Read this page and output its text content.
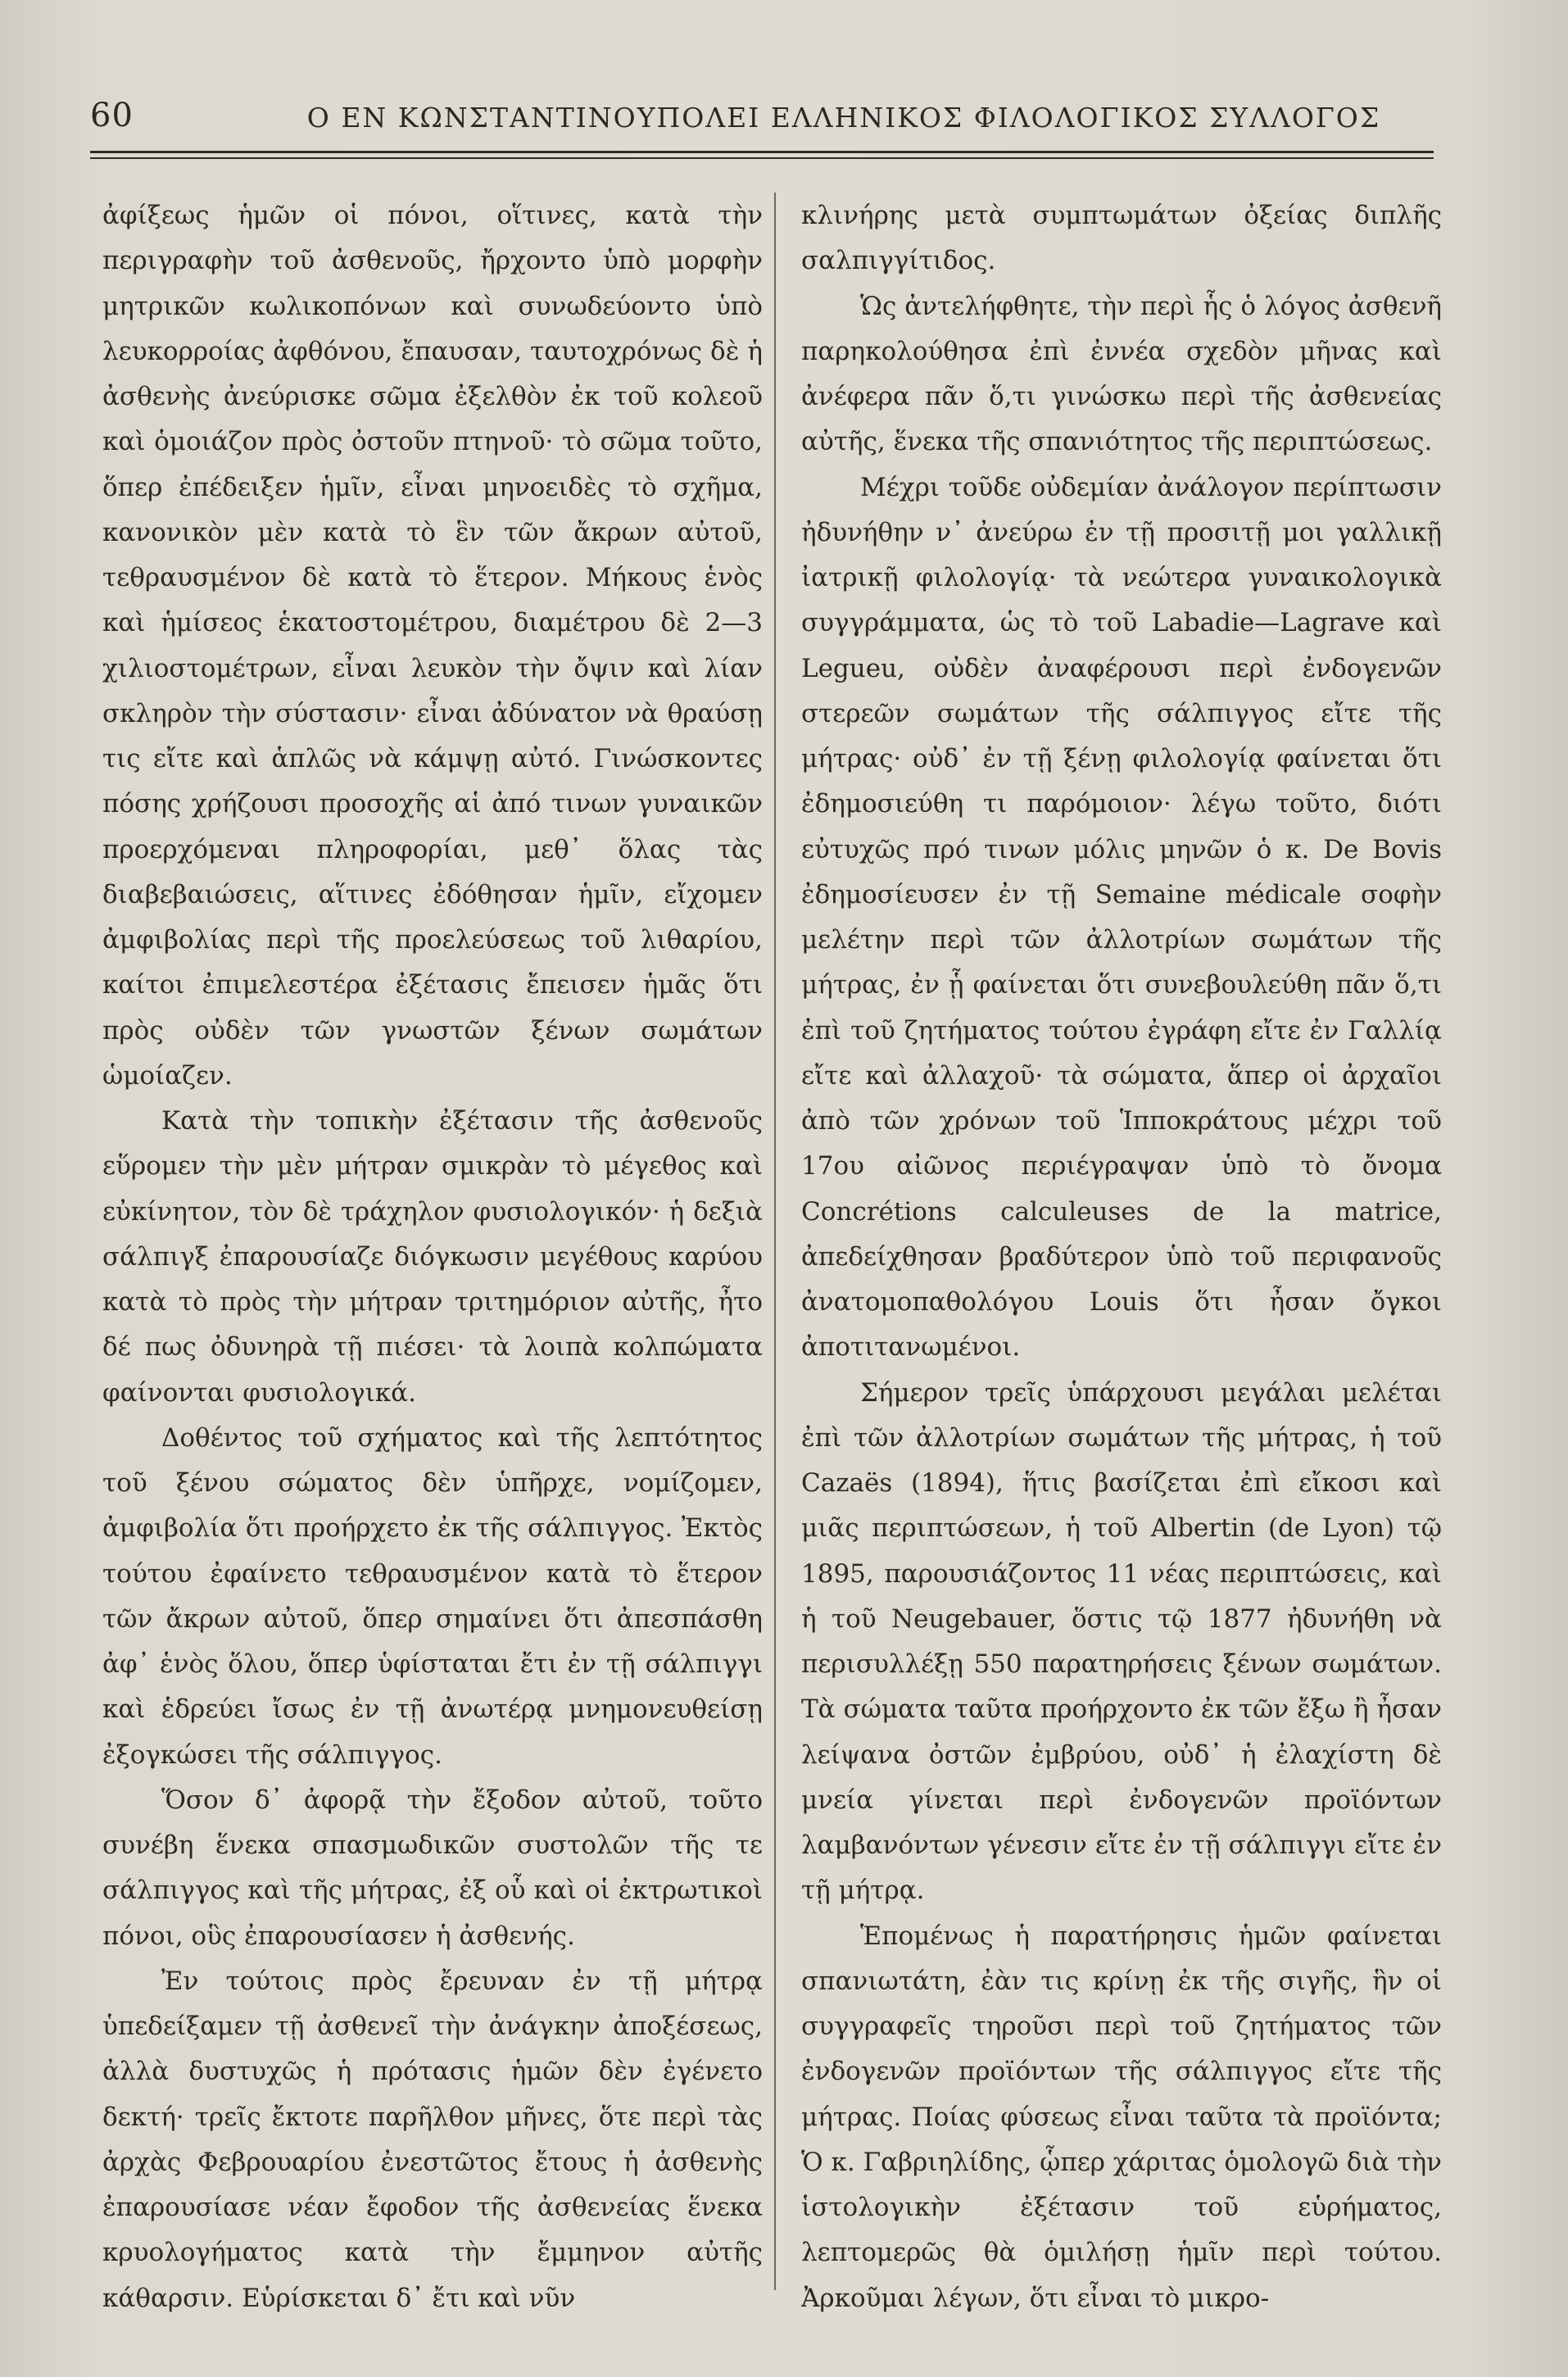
60	Ο ΕΝ ΚΩΝΣΤΑΝΤΙΝΟΥΠΟΛΕΙ ΕΛΛΗΝΙΚΟΣ ΦΙΛΟΛΟΓΙΚΟΣ ΣΥΛΛΟΓΟΣ

ἀφίξεως ἡμῶν οἱ πόνοι, οἵτινες, κατὰ τὴν περιγραφὴν τοῦ ἀσθενοῦς, ἤρχοντο ὑπὸ μορφὴν μητρικῶν κωλικοπόνων καὶ συνωδεύοντο ὑπὸ λευκορροίας ἀφθόνου, ἔπαυσαν, ταυτοχρόνως δὲ ἡ ἀσθενὴς ἀνεύρισκε σῶμα ἐξελθὸν ἐκ τοῦ κολεοῦ καὶ ὁμοιάζον πρὸς ὀστοῦν πτηνοῦ· τὸ σῶμα τοῦτο, ὅπερ ἐπέδειξεν ἡμῖν, εἶναι μηνοειδὲς τὸ σχῆμα, κανονικὸν μὲν κατὰ τὸ ἓν τῶν ἄκρων αὐτοῦ, τεθραυσμένον δὲ κατὰ τὸ ἕτερον. Μήκους ἑνὸς καὶ ἡμίσεος ἑκατοστομέτρου, διαμέτρου δὲ 2—3 χιλιοστομέτρων, εἶναι λευκὸν τὴν ὄψιν καὶ λίαν σκληρὸν τὴν σύστασιν· εἶναι ἀδύνατον νὰ θραύσῃ τις εἴτε καὶ ἁπλῶς νὰ κάμψῃ αὐτό. Γινώσκοντες πόσης χρήζουσι προσοχῆς αἱ ἀπό τινων γυναικῶν προερχόμεναι πληροφορίαι, μεθ᾽ ὅλας τὰς διαβεβαιώσεις, αἵτινες ἐδόθησαν ἡμῖν, εἴχομεν ἀμφιβολίας περὶ τῆς προελεύσεως τοῦ λιθαρίου, καίτοι ἐπιμελεστέρα ἐξέτασις ἔπεισεν ἡμᾶς ὅτι πρὸς οὐδὲν τῶν γνωστῶν ξένων σωμάτων ὡμοίαζεν.

Κατὰ τὴν τοπικὴν ἐξέτασιν τῆς ἀσθενοῦς εὕρομεν τὴν μὲν μήτραν σμικρὰν τὸ μέγεθος καὶ εὐκίνητον, τὸν δὲ τράχηλον φυσιολογικόν· ἡ δεξιὰ σάλπιγξ ἐπαρουσίαζε διόγκωσιν μεγέθους καρύου κατὰ τὸ πρὸς τὴν μήτραν τριτημόριον αὐτῆς, ἦτο δέ πως ὀδυνηρὰ τῇ πιέσει· τὰ λοιπὰ κολπώματα φαίνονται φυσιολογικά.

Δοθέντος τοῦ σχήματος καὶ τῆς λεπτότητος τοῦ ξένου σώματος δὲν ὑπῆρχε, νομίζομεν, ἀμφιβολία ὅτι προήρχετο ἐκ τῆς σάλπιγγος. Ἐκτὸς τούτου ἐφαίνετο τεθραυσμένον κατὰ τὸ ἕτερον τῶν ἄκρων αὐτοῦ, ὅπερ σημαίνει ὅτι ἀπεσπάσθη ἀφ᾽ ἑνὸς ὅλου, ὅπερ ὑφίσταται ἔτι ἐν τῇ σάλπιγγι καὶ ἑδρεύει ἴσως ἐν τῇ ἀνωτέρᾳ μνημονευθείσῃ ἐξογκώσει τῆς σάλπιγγος.

Ὅσον δ᾽ ἀφορᾷ τὴν ἔξοδον αὐτοῦ, τοῦτο συνέβη ἕνεκα σπασμωδικῶν συστολῶν τῆς τε σάλπιγγος καὶ τῆς μήτρας, ἐξ οὗ καὶ οἱ ἐκτρωτικοὶ πόνοι, οὓς ἐπαρουσίασεν ἡ ἀσθενής.

Ἐν τούτοις πρὸς ἔρευναν ἐν τῇ μήτρᾳ ὑπεδείξαμεν τῇ ἀσθενεῖ τὴν ἀνάγκην ἀποξέσεως, ἀλλὰ δυστυχῶς ἡ πρότασις ἡμῶν δὲν ἐγένετο δεκτή· τρεῖς ἔκτοτε παρῆλθον μῆνες, ὅτε περὶ τὰς ἀρχὰς Φεβρουαρίου ἐνεστῶτος ἔτους ἡ ἀσθενὴς ἐπαρουσίασε νέαν ἔφοδον τῆς ἀσθενείας ἕνεκα κρυολογήματος κατὰ τὴν ἔμμηνον αὐτῆς κάθαρσιν. Εὑρίσκεται δ᾽ ἔτι καὶ νῦν

κλινήρης μετὰ συμπτωμάτων ὀξείας διπλῆς σαλπιγγίτιδος.

Ὡς ἀντελήφθητε, τὴν περὶ ἧς ὁ λόγος ἀσθενῆ παρηκολούθησα ἐπὶ ἐννέα σχεδὸν μῆνας καὶ ἀνέφερα πᾶν ὅ,τι γινώσκω περὶ τῆς ἀσθενείας αὐτῆς, ἕνεκα τῆς σπανιότητος τῆς περιπτώσεως.

Μέχρι τοῦδε οὐδεμίαν ἀνάλογον περίπτωσιν ἠδυνήθην ν᾽ ἀνεύρω ἐν τῇ προσιτῇ μοι γαλλικῇ ἰατρικῇ φιλολογίᾳ· τὰ νεώτερα γυναικολογικὰ συγγράμματα, ὡς τὸ τοῦ Labadie—Lagrave καὶ Legueu, οὐδὲν ἀναφέρουσι περὶ ἐνδογενῶν στερεῶν σωμάτων τῆς σάλπιγγος εἴτε τῆς μήτρας· οὐδ᾽ ἐν τῇ ξένῃ φιλολογίᾳ φαίνεται ὅτι ἐδημοσιεύθη τι παρόμοιον· λέγω τοῦτο, διότι εὐτυχῶς πρό τινων μόλις μηνῶν ὁ κ. De Bovis ἐδημοσίευσεν ἐν τῇ Semaine médicale σοφὴν μελέτην περὶ τῶν ἀλλοτρίων σωμάτων τῆς μήτρας, ἐν ᾗ φαίνεται ὅτι συνεβουλεύθη πᾶν ὅ,τι ἐπὶ τοῦ ζητήματος τούτου ἐγράφη εἴτε ἐν Γαλλίᾳ εἴτε καὶ ἀλλαχοῦ· τὰ σώματα, ἅπερ οἱ ἀρχαῖοι ἀπὸ τῶν χρόνων τοῦ Ἱπποκράτους μέχρι τοῦ 17ου αἰῶνος περιέγραψαν ὑπὸ τὸ ὄνομα Concrétions calculeuses de la matrice, ἀπεδείχθησαν βραδύτερον ὑπὸ τοῦ περιφανοῦς ἀνατομοπαθολόγου Louis ὅτι ἦσαν ὄγκοι ἀποτιτανωμένοι.

Σήμερον τρεῖς ὑπάρχουσι μεγάλαι μελέται ἐπὶ τῶν ἀλλοτρίων σωμάτων τῆς μήτρας, ἡ τοῦ Cazaës (1894), ἥτις βασίζεται ἐπὶ εἴκοσι καὶ μιᾶς περιπτώσεων, ἡ τοῦ Albertin (de Lyon) τῷ 1895, παρουσιάζοντος 11 νέας περιπτώσεις, καὶ ἡ τοῦ Neugebauer, ὅστις τῷ 1877 ἠδυνήθη νὰ περισυλλέξῃ 550 παρατηρήσεις ξένων σωμάτων. Τὰ σώματα ταῦτα προήρχοντο ἐκ τῶν ἔξω ἢ ἦσαν λείψανα ὀστῶν ἐμβρύου, οὐδ᾽ ἡ ἐλαχίστη δὲ μνεία γίνεται περὶ ἐνδογενῶν προϊόντων λαμβανόντων γένεσιν εἴτε ἐν τῇ σάλπιγγι εἴτε ἐν τῇ μήτρᾳ.

Ἑπομένως ἡ παρατήρησις ἡμῶν φαίνεται σπανιωτάτη, ἐὰν τις κρίνῃ ἐκ τῆς σιγῆς, ἣν οἱ συγγραφεῖς τηροῦσι περὶ τοῦ ζητήματος τῶν ἐνδογενῶν προϊόντων τῆς σάλπιγγος εἴτε τῆς μήτρας. Ποίας φύσεως εἶναι ταῦτα τὰ προϊόντα; Ὁ κ. Γαβριηλίδης, ᾧπερ χάριτας ὁμολογῶ διὰ τὴν ἱστολογικὴν ἐξέτασιν τοῦ εὑρήματος, λεπτομερῶς θὰ ὁμιλήσῃ ἡμῖν περὶ τούτου. Ἀρκοῦμαι λέγων, ὅτι εἶναι τὸ μικρο-
